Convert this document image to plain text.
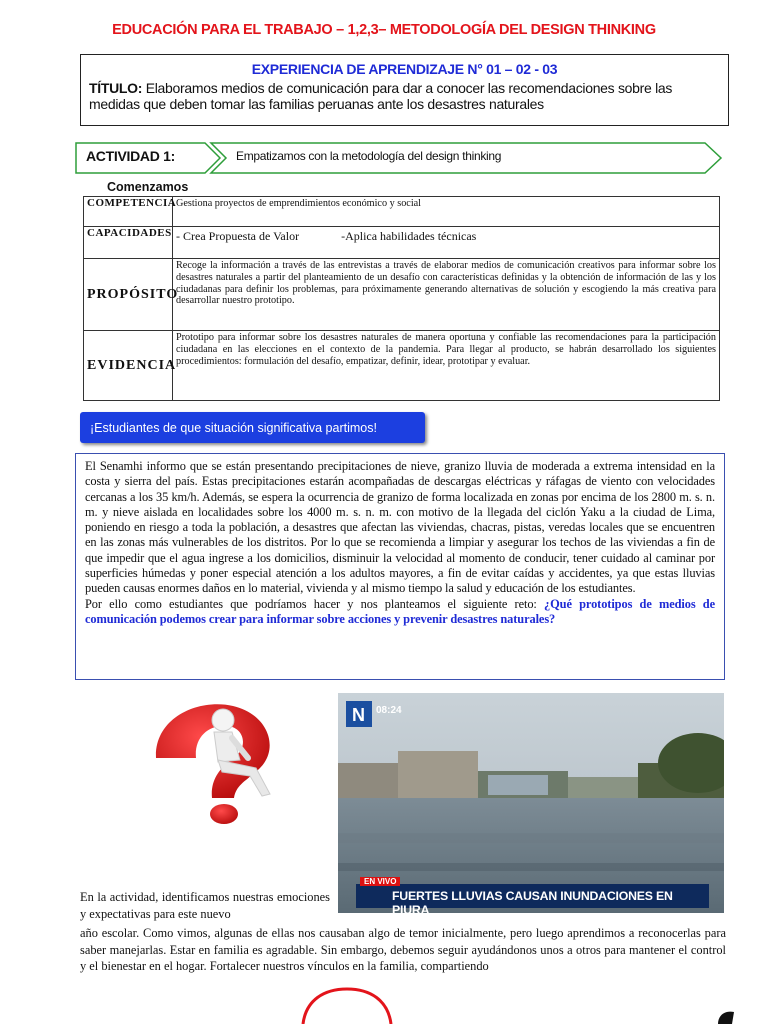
EDUCACIÓN PARA EL TRABAJO – 1,2,3– METODOLOGÍA DEL DESIGN THINKING
EXPERIENCIA DE APRENDIZAJE N° 01 – 02 - 03
TÍTULO: Elaboramos medios de comunicación para dar a conocer las recomendaciones sobre las medidas que deben tomar las familias peruanas ante los desastres naturales
ACTIVIDAD 1:	Empatizamos con la metodología del design thinking
Comenzamos
COMPETENCIA	Gestiona proyectos de emprendimientos económico y social
CAPACIDADES	- Crea Propuesta de Valor -Aplica habilidades técnicas
PROPÓSITO	Recoge la información a través de las entrevistas a través de elaborar medios de comunicación creativos para informar sobre los desastres naturales a partir del planteamiento de un desafío con características definidas y la obtención de información de las y los ciudadanas para definir los problemas, para próximamente generando alternativas de solución y escogiendo la más creativa para desarrollar nuestro prototipo.
EVIDENCIA	Prototipo para informar sobre los desastres naturales de manera oportuna y confiable las recomendaciones para la participación ciudadana en las elecciones en el contexto de la pandemia. Para llegar al producto, se habrán desarrollado los siguientes procedimientos: formulación del desafío, empatizar, definir, idear, prototipar y evaluar.
¡Estudiantes de que situación significativa partimos!
El Senamhi informo que se están presentando precipitaciones de nieve, granizo lluvia de moderada a extrema intensidad en la costa y sierra del país. Estas precipitaciones estarán acompañadas de descargas eléctricas y ráfagas de viento con velocidades cercanas a los 35 km/h. Además, se espera la ocurrencia de granizo de forma localizada en zonas por encima de los 2800 m. s. n. m. y nieve aislada en localidades sobre los 4000 m. s. n. m. con motivo de la llegada del ciclón Yaku a la ciudad de Lima, poniendo en riesgo a toda la población, a desastres que afectan las viviendas, chacras, pistas, veredas locales que se encuentren en las zonas más vulnerables de los distritos. Por lo que se recomienda a limpiar y asegurar los techos de las viviendas a fin de que impedir que el agua ingrese a los domicilios, disminuir la velocidad al momento de conducir, tener cuidado al caminar por superficies húmedas y poner especial atención a los adultos mayores, a fin de evitar caídas y accidentes, ya que estas lluvias pueden causas enormes daños en lo material, vivienda y al mismo tiempo la salud y educación de los estudiantes.
Por ello como estudiantes que podríamos hacer y nos planteamos el siguiente reto: ¿Qué prototipos de medios de comunicación podemos crear para informar sobre acciones y prevenir desastres naturales?
N 08:24
FUERTES LLUVIAS CAUSAN INUNDACIONES EN PIURA
EN VIVO
En la actividad, identificamos nuestras emociones y expectativas para este nuevo
año escolar. Como vimos, algunas de ellas nos causaban algo de temor inicialmente, pero luego aprendimos a reconocerlas para saber manejarlas. Estar en familia es agradable. Sin embargo, debemos seguir ayudándonos unos a otros para mantener el control y el bienestar en el hogar. Fortalecer nuestros vínculos en la familia, compartiendo
